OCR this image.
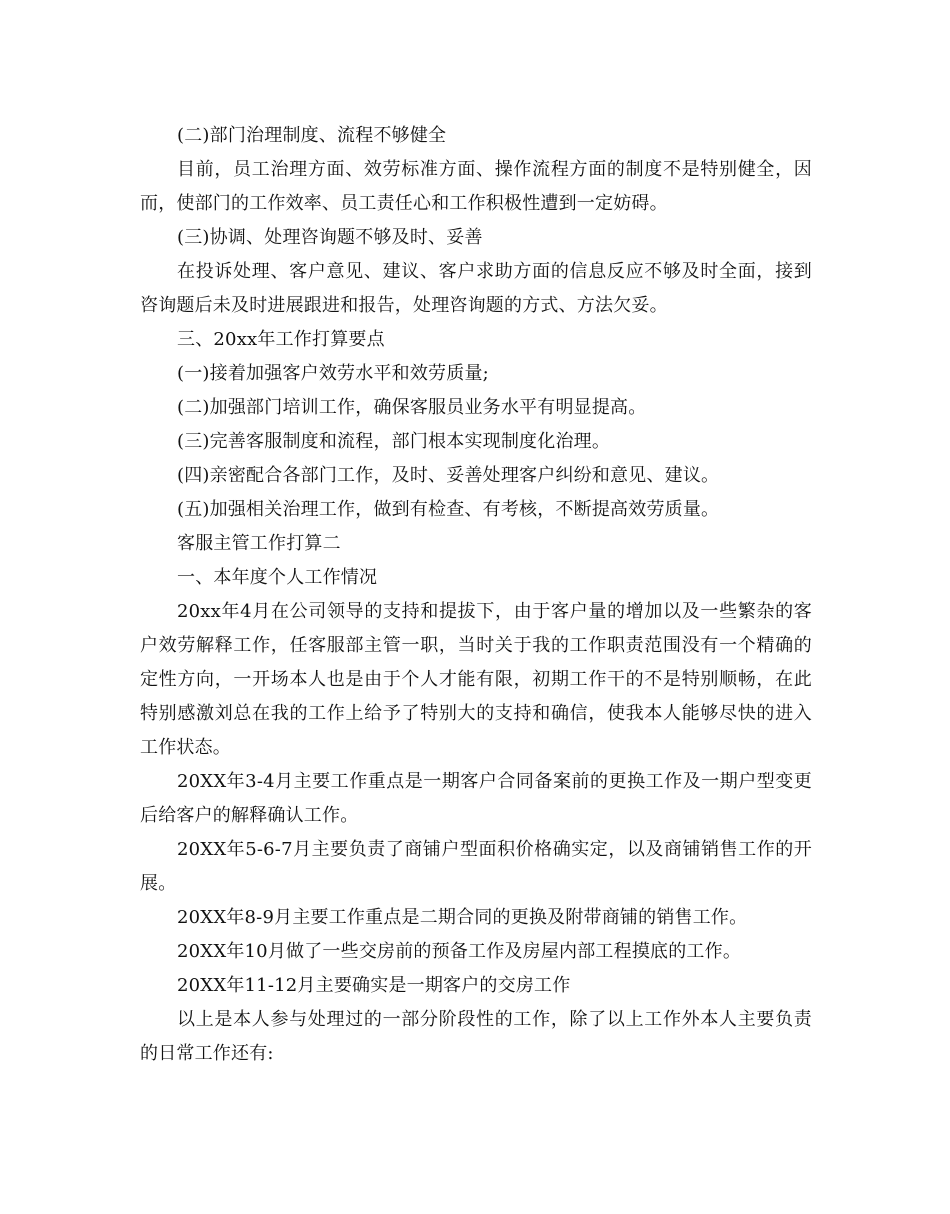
(二)部门治理制度、流程不够健全

目前，员工治理方面、效劳标准方面、操作流程方面的制度不是特别健全，因而，使部门的工作效率、员工责任心和工作积极性遭到一定妨碍。

(三)协调、处理咨询题不够及时、妥善

在投诉处理、客户意见、建议、客户求助方面的信息反应不够及时全面，接到咨询题后未及时进展跟进和报告，处理咨询题的方式、方法欠妥。

三、20xx年工作打算要点

(一)接着加强客户效劳水平和效劳质量;

(二)加强部门培训工作，确保客服员业务水平有明显提高。

(三)完善客服制度和流程，部门根本实现制度化治理。

(四)亲密配合各部门工作，及时、妥善处理客户纠纷和意见、建议。

(五)加强相关治理工作，做到有检查、有考核，不断提高效劳质量。

客服主管工作打算二

一、本年度个人工作情况

20xx年4月在公司领导的支持和提拔下，由于客户量的增加以及一些繁杂的客户效劳解释工作，任客服部主管一职，当时关于我的工作职责范围没有一个精确的定性方向，一开场本人也是由于个人才能有限，初期工作干的不是特别顺畅，在此特别感激刘总在我的工作上给予了特别大的支持和确信，使我本人能够尽快的进入工作状态。

20XX年3-4月主要工作重点是一期客户合同备案前的更换工作及一期户型变更后给客户的解释确认工作。

20XX年5-6-7月主要负责了商铺户型面积价格确实定，以及商铺销售工作的开展。

20XX年8-9月主要工作重点是二期合同的更换及附带商铺的销售工作。

20XX年10月做了一些交房前的预备工作及房屋内部工程摸底的工作。

20XX年11-12月主要确实是一期客户的交房工作

以上是本人参与处理过的一部分阶段性的工作，除了以上工作外本人主要负责的日常工作还有:
